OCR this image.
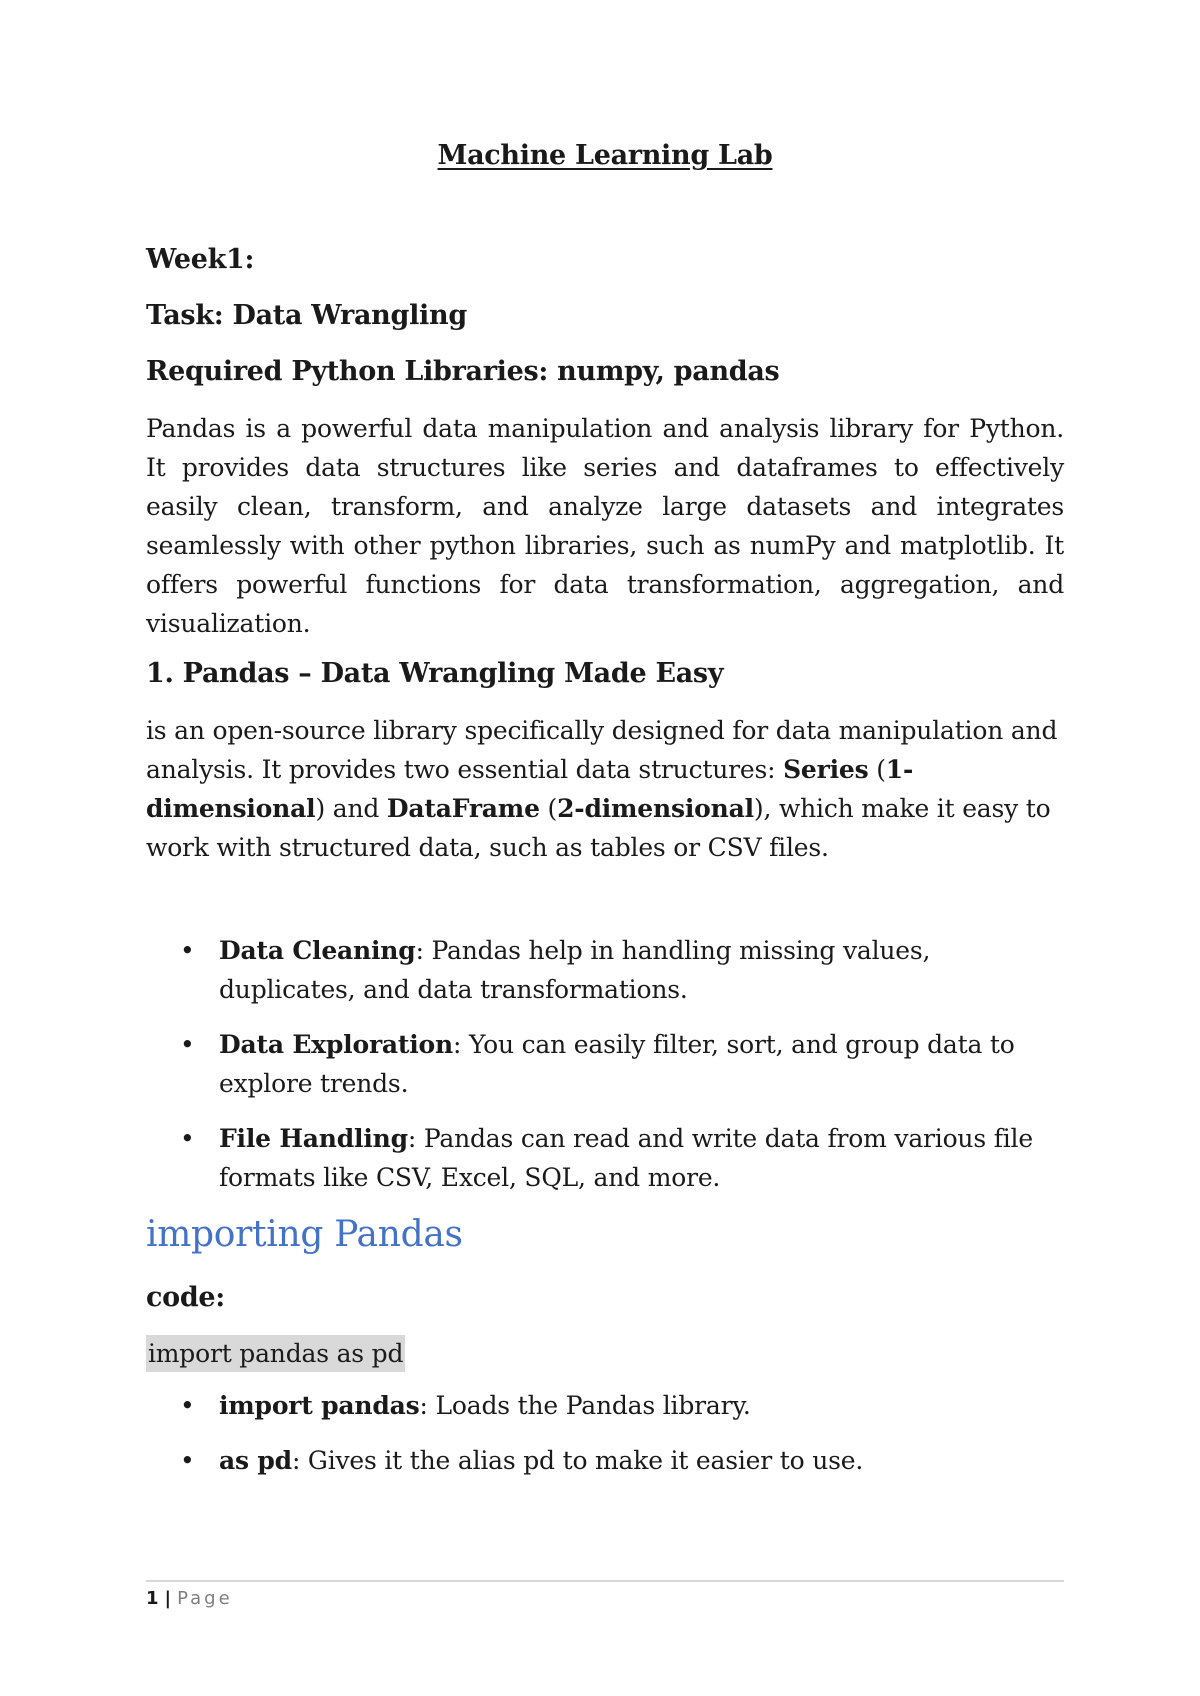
Machine Learning Lab
Week1:
Task: Data Wrangling
Required Python Libraries: numpy, pandas

Pandas is a powerful data manipulation and analysis library for Python. It provides data structures like series and dataframes to effectively easily clean, transform, and analyze large datasets and integrates seamlessly with other python libraries, such as numPy and matplotlib. It offers powerful functions for data transformation, aggregation, and visualization.

1. Pandas – Data Wrangling Made Easy

is an open-source library specifically designed for data manipulation and analysis. It provides two essential data structures: Series (1-dimensional) and DataFrame (2-dimensional), which make it easy to work with structured data, such as tables or CSV files.

• Data Cleaning: Pandas help in handling missing values, duplicates, and data transformations.
• Data Exploration: You can easily filter, sort, and group data to explore trends.
• File Handling: Pandas can read and write data from various file formats like CSV, Excel, SQL, and more.
importing Pandas
code:
import pandas as pd
• import pandas: Loads the Pandas library.
• as pd: Gives it the alias pd to make it easier to use.
1 | Page
